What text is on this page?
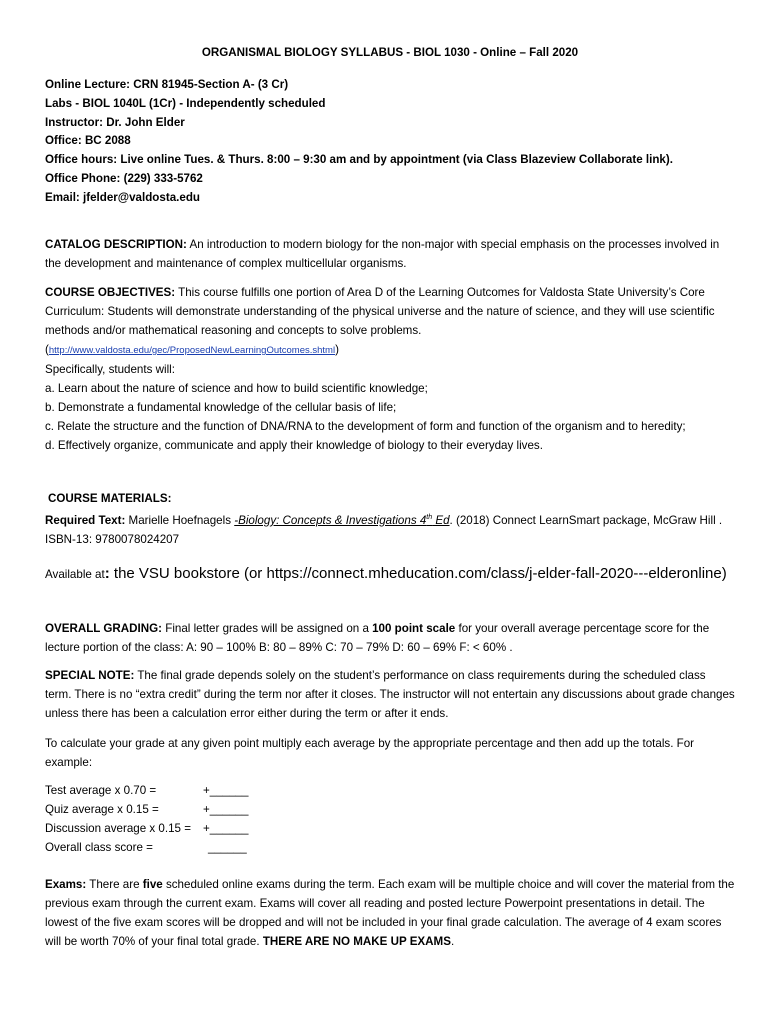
ORGANISMAL BIOLOGY SYLLABUS - BIOL 1030 - Online – Fall 2020
Online Lecture: CRN 81945-Section A- (3 Cr)
Labs - BIOL 1040L (1Cr) - Independently scheduled
Instructor: Dr. John Elder
Office: BC 2088
Office hours: Live online Tues. & Thurs. 8:00 – 9:30 am and by appointment (via Class Blazeview Collaborate link).
Office Phone: (229) 333-5762
Email: jfelder@valdosta.edu
CATALOG DESCRIPTION: An introduction to modern biology for the non-major with special emphasis on the processes involved in the development and maintenance of complex multicellular organisms.
COURSE OBJECTIVES: This course fulfills one portion of Area D of the Learning Outcomes for Valdosta State University’s Core Curriculum: Students will demonstrate understanding of the physical universe and the nature of science, and they will use scientific methods and/or mathematical reasoning and concepts to solve problems.
(http://www.valdosta.edu/gec/ProposedNewLearningOutcomes.shtml)
Specifically, students will:
a. Learn about the nature of science and how to build scientific knowledge;
b. Demonstrate a fundamental knowledge of the cellular basis of life;
c. Relate the structure and the function of DNA/RNA to the development of form and function of the organism and to heredity;
d. Effectively organize, communicate and apply their knowledge of biology to their everyday lives.
COURSE MATERIALS:
Required Text: Marielle Hoefnagels -Biology: Concepts & Investigations 4th Ed. (2018) Connect LearnSmart package, McGraw Hill . ISBN-13: 9780078024207
Available at: the VSU bookstore (or https://connect.mheducation.com/class/j-elder-fall-2020---elderonline)
OVERALL GRADING: Final letter grades will be assigned on a 100 point scale for your overall average percentage score for the lecture portion of the class: A: 90 – 100% B: 80 – 89% C: 70 – 79% D: 60 – 69% F: < 60% .
SPECIAL NOTE: The final grade depends solely on the student’s performance on class requirements during the scheduled class term. There is no “extra credit” during the term nor after it closes. The instructor will not entertain any discussions about grade changes unless there has been a calculation error either during the term or after it ends.
To calculate your grade at any given point multiply each average by the appropriate percentage and then add up the totals. For example:
Test average x 0.70 =	+______
Quiz average x 0.15 =	+______
Discussion average x 0.15 =	+______
Overall class score =	______
Exams: There are five scheduled online exams during the term. Each exam will be multiple choice and will cover the material from the previous exam through the current exam. Exams will cover all reading and posted lecture Powerpoint presentations in detail. The lowest of the five exam scores will be dropped and will not be included in your final grade calculation. The average of 4 exam scores will be worth 70% of your final total grade. THERE ARE NO MAKE UP EXAMS.
